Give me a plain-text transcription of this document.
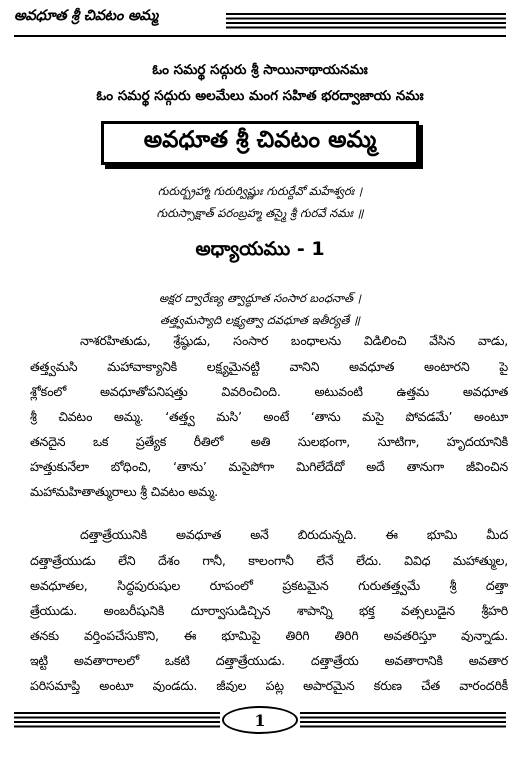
అవధూత శ్రీ చివటం అమ్మ
ఓం సమర్థ సద్గురు శ్రీ సాయినాథాయనమః
ఓం సమర్థ సద్గురు అలమేలు మంగ సహిత భరద్వాజాయ నమః
అవధూత శ్రీ చివటం అమ్మ
గురుర్బ్రహ్మా గురుర్విష్ణుః గురుర్దేవో మహేశ్వరః ।
గురుస్సాక్షాత్ పరంబ్రహ్మ తస్మై శ్రీ గురవే నమః ॥
అధ్యాయము - 1
అక్షర ద్వారేణ్య త్వాద్ధూత సంసార బంధనాత్ ।
తత్త్వమస్యాది లక్ష్యత్వా దవధూత ఇతీర్యతే ॥
నాశరహితుడు, శ్రేష్ఠుడు, సంసార బంధాలను విడిలించి వేసిన వాడు,
తత్త్వమసి మహావాక్యానికి లక్ష్యమైనట్టి వానిని అవధూత అంటారని పై
శ్లోకంలో అవధూతోపనిషత్తు వివరించింది. అటువంటి ఉత్తమ అవధూత
శ్రీ చివటం అమ్మ. ‘తత్త్వ మసి’ అంటే ‘తాను మసై పోవడమే’ అంటూ
తనదైన ఒక ప్రత్యేక రీతిలో అతి సులభంగా, సూటిగా, హృదయానికి
హత్తుకునేలా బోధించి, ‘తాను’ మసైపోగా మిగిలేదేదో అదే తానుగా జీవించిన
మహామహితాత్మురాలు శ్రీ చివటం అమ్మ.
దత్తాత్రేయునికి అవధూత అనే బిరుదున్నది. ఈ భూమి మీద
దత్తాత్రేయుడు లేని దేశం గానీ, కాలంగానీ లేనే లేదు. వివిధ మహాత్ముల,
అవధూతల, సిద్ధపురుషుల రూపంలో ప్రకటమైన గురుతత్త్వమే శ్రీ దత్తా
త్రేయుడు. అంబరీషునికి దూర్వాసుడిచ్చిన శాపాన్ని భక్త వత్సలుడైన శ్రీహరి
తనకు వర్తింపచేసుకొని, ఈ భూమిపై తిరిగి తిరిగి అవతరిస్తూ వున్నాడు.
ఇట్టి అవతారాలలో ఒకటి దత్తాత్రేయుడు. దత్తాత్రేయ అవతారానికి అవతార
పరిసమాప్తి అంటూ వుండదు. జీవుల పట్ల అపారమైన కరుణ చేత వారందరికీ
1
